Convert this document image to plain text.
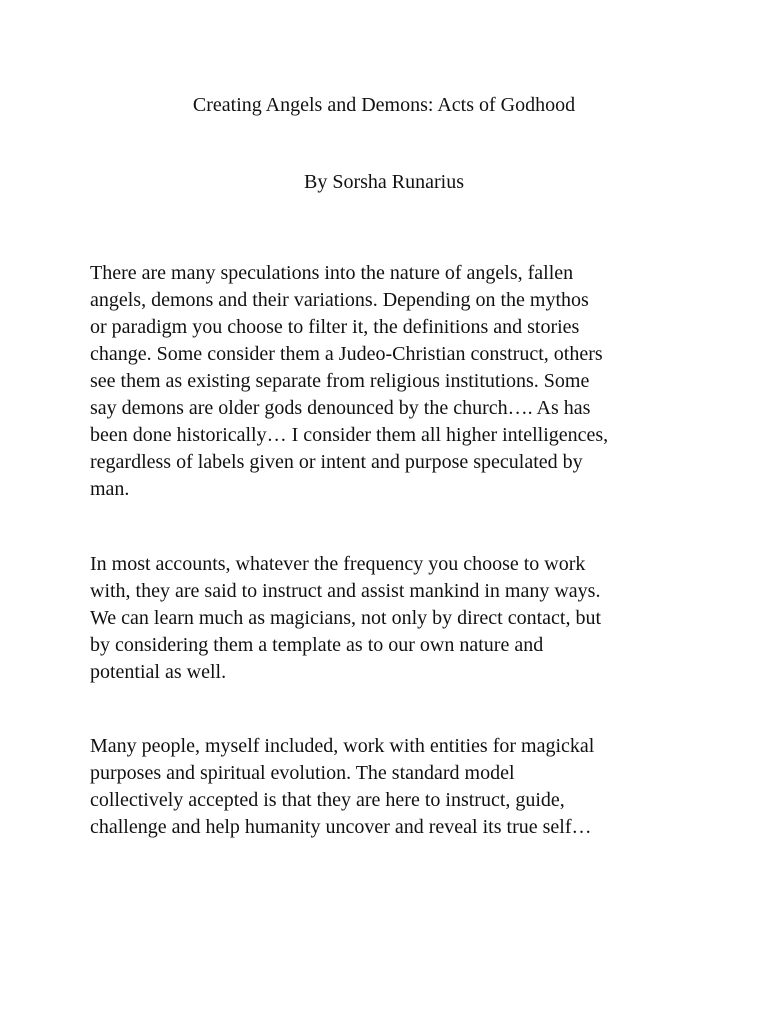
Creating Angels and Demons: Acts of Godhood

By Sorsha Runarius

There are many speculations into the nature of angels, fallen
angels, demons and their variations. Depending on the mythos
or paradigm you choose to filter it, the definitions and stories
change. Some consider them a Judeo-Christian construct, others
see them as existing separate from religious institutions. Some
say demons are older gods denounced by the church…. As has
been done historically… I consider them all higher intelligences,
regardless of labels given or intent and purpose speculated by
man.

In most accounts, whatever the frequency you choose to work
with, they are said to instruct and assist mankind in many ways.
We can learn much as magicians, not only by direct contact, but
by considering them a template as to our own nature and
potential as well.

Many people, myself included, work with entities for magickal
purposes and spiritual evolution. The standard model
collectively accepted is that they are here to instruct, guide,
challenge and help humanity uncover and reveal its true self…
